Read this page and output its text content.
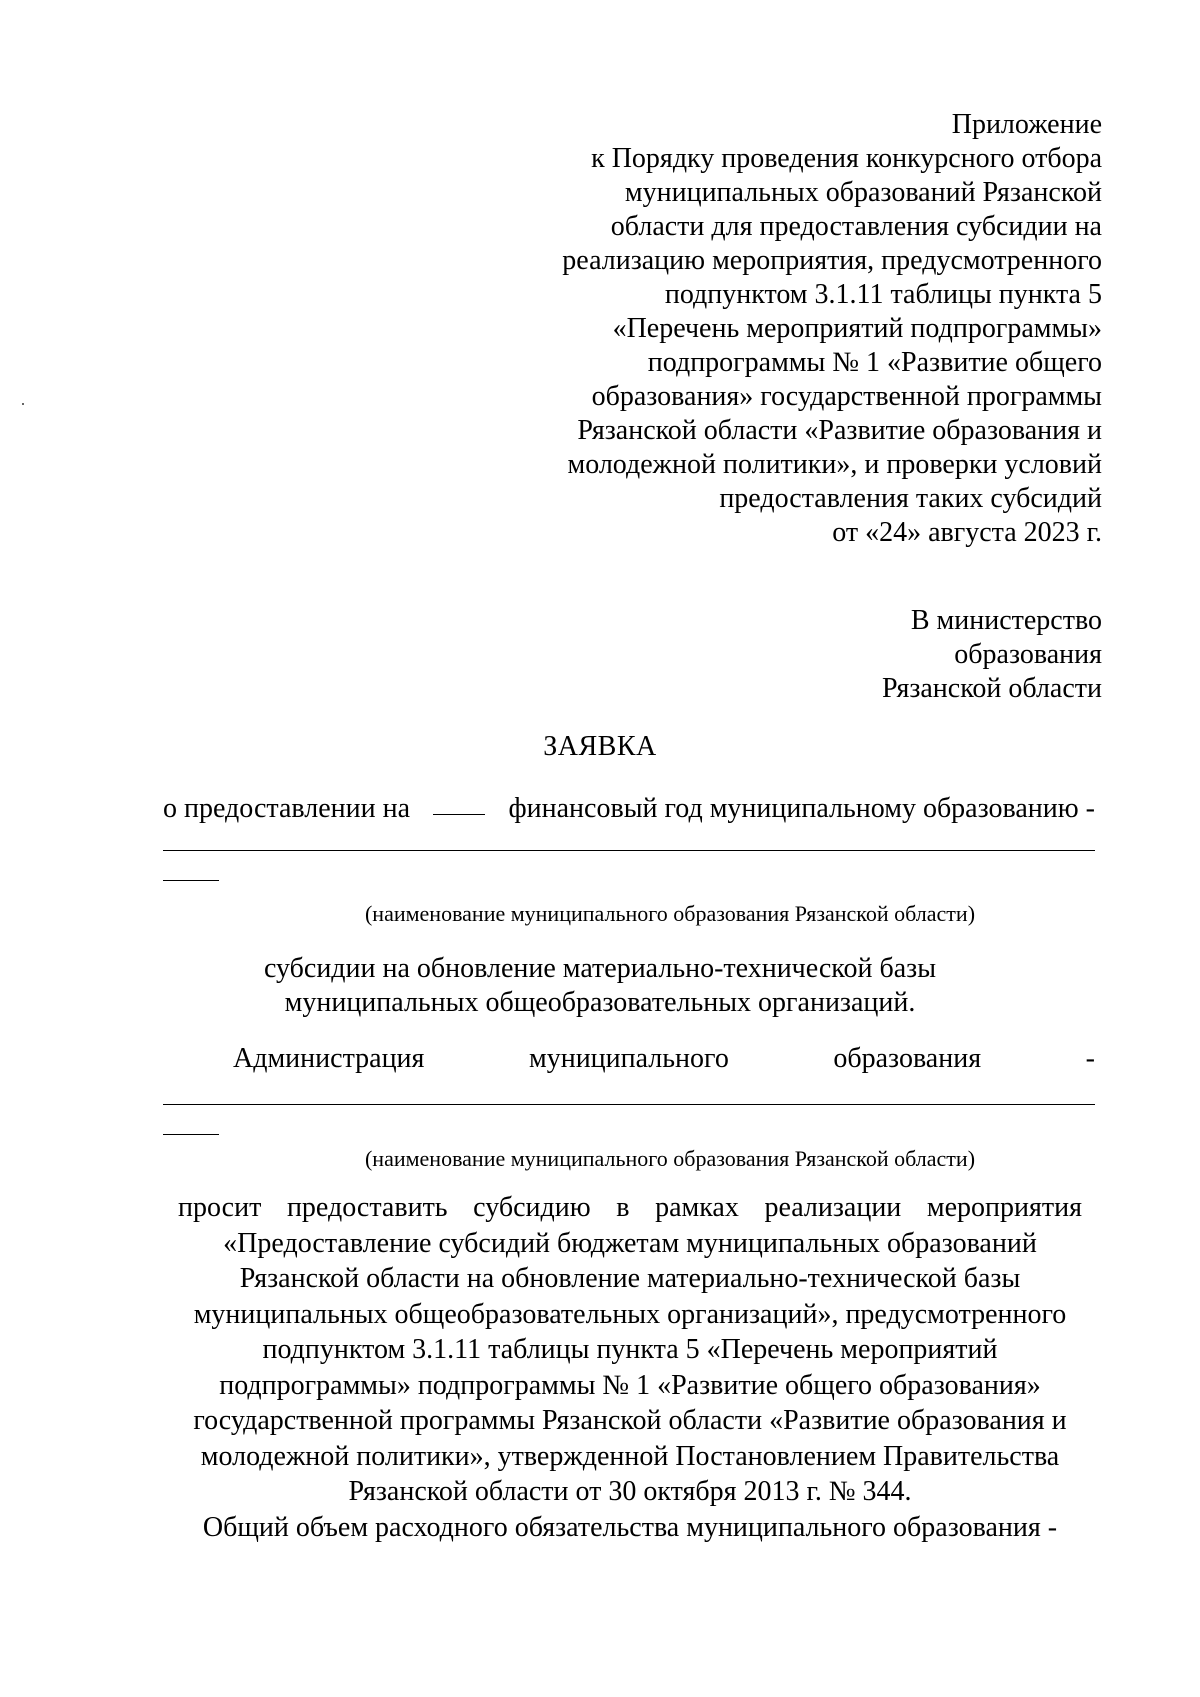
Приложение
к Порядку проведения конкурсного отбора
муниципальных образований Рязанской
области для предоставления субсидии на
реализацию мероприятия, предусмотренного
подпунктом 3.1.11 таблицы пункта 5
«Перечень мероприятий подпрограммы»
подпрограммы № 1 «Развитие общего
образования» государственной программы
Рязанской области «Развитие образования и
молодежной политики», и проверки условий
предоставления таких субсидий
от «24» августа 2023 г.
В министерство
образования
Рязанской области
ЗАЯВКА
о предоставлении на	финансовый год муниципальному образованию -
(наименование муниципального образования Рязанской области)
субсидии на обновление материально-технической базы
муниципальных общеобразовательных организаций.
Администрация	муниципального	образования	-
(наименование муниципального образования Рязанской области)
просит предоставить субсидию в рамках реализации мероприятия
«Предоставление субсидий бюджетам муниципальных образований
Рязанской области на обновление материально-технической базы
муниципальных общеобразовательных организаций», предусмотренного
подпунктом 3.1.11 таблицы пункта 5 «Перечень мероприятий
подпрограммы» подпрограммы № 1 «Развитие общего образования»
государственной программы Рязанской области «Развитие образования и
молодежной политики», утвержденной Постановлением Правительства
Рязанской области от 30 октября 2013 г. № 344.
Общий объем расходного обязательства муниципального образования -
